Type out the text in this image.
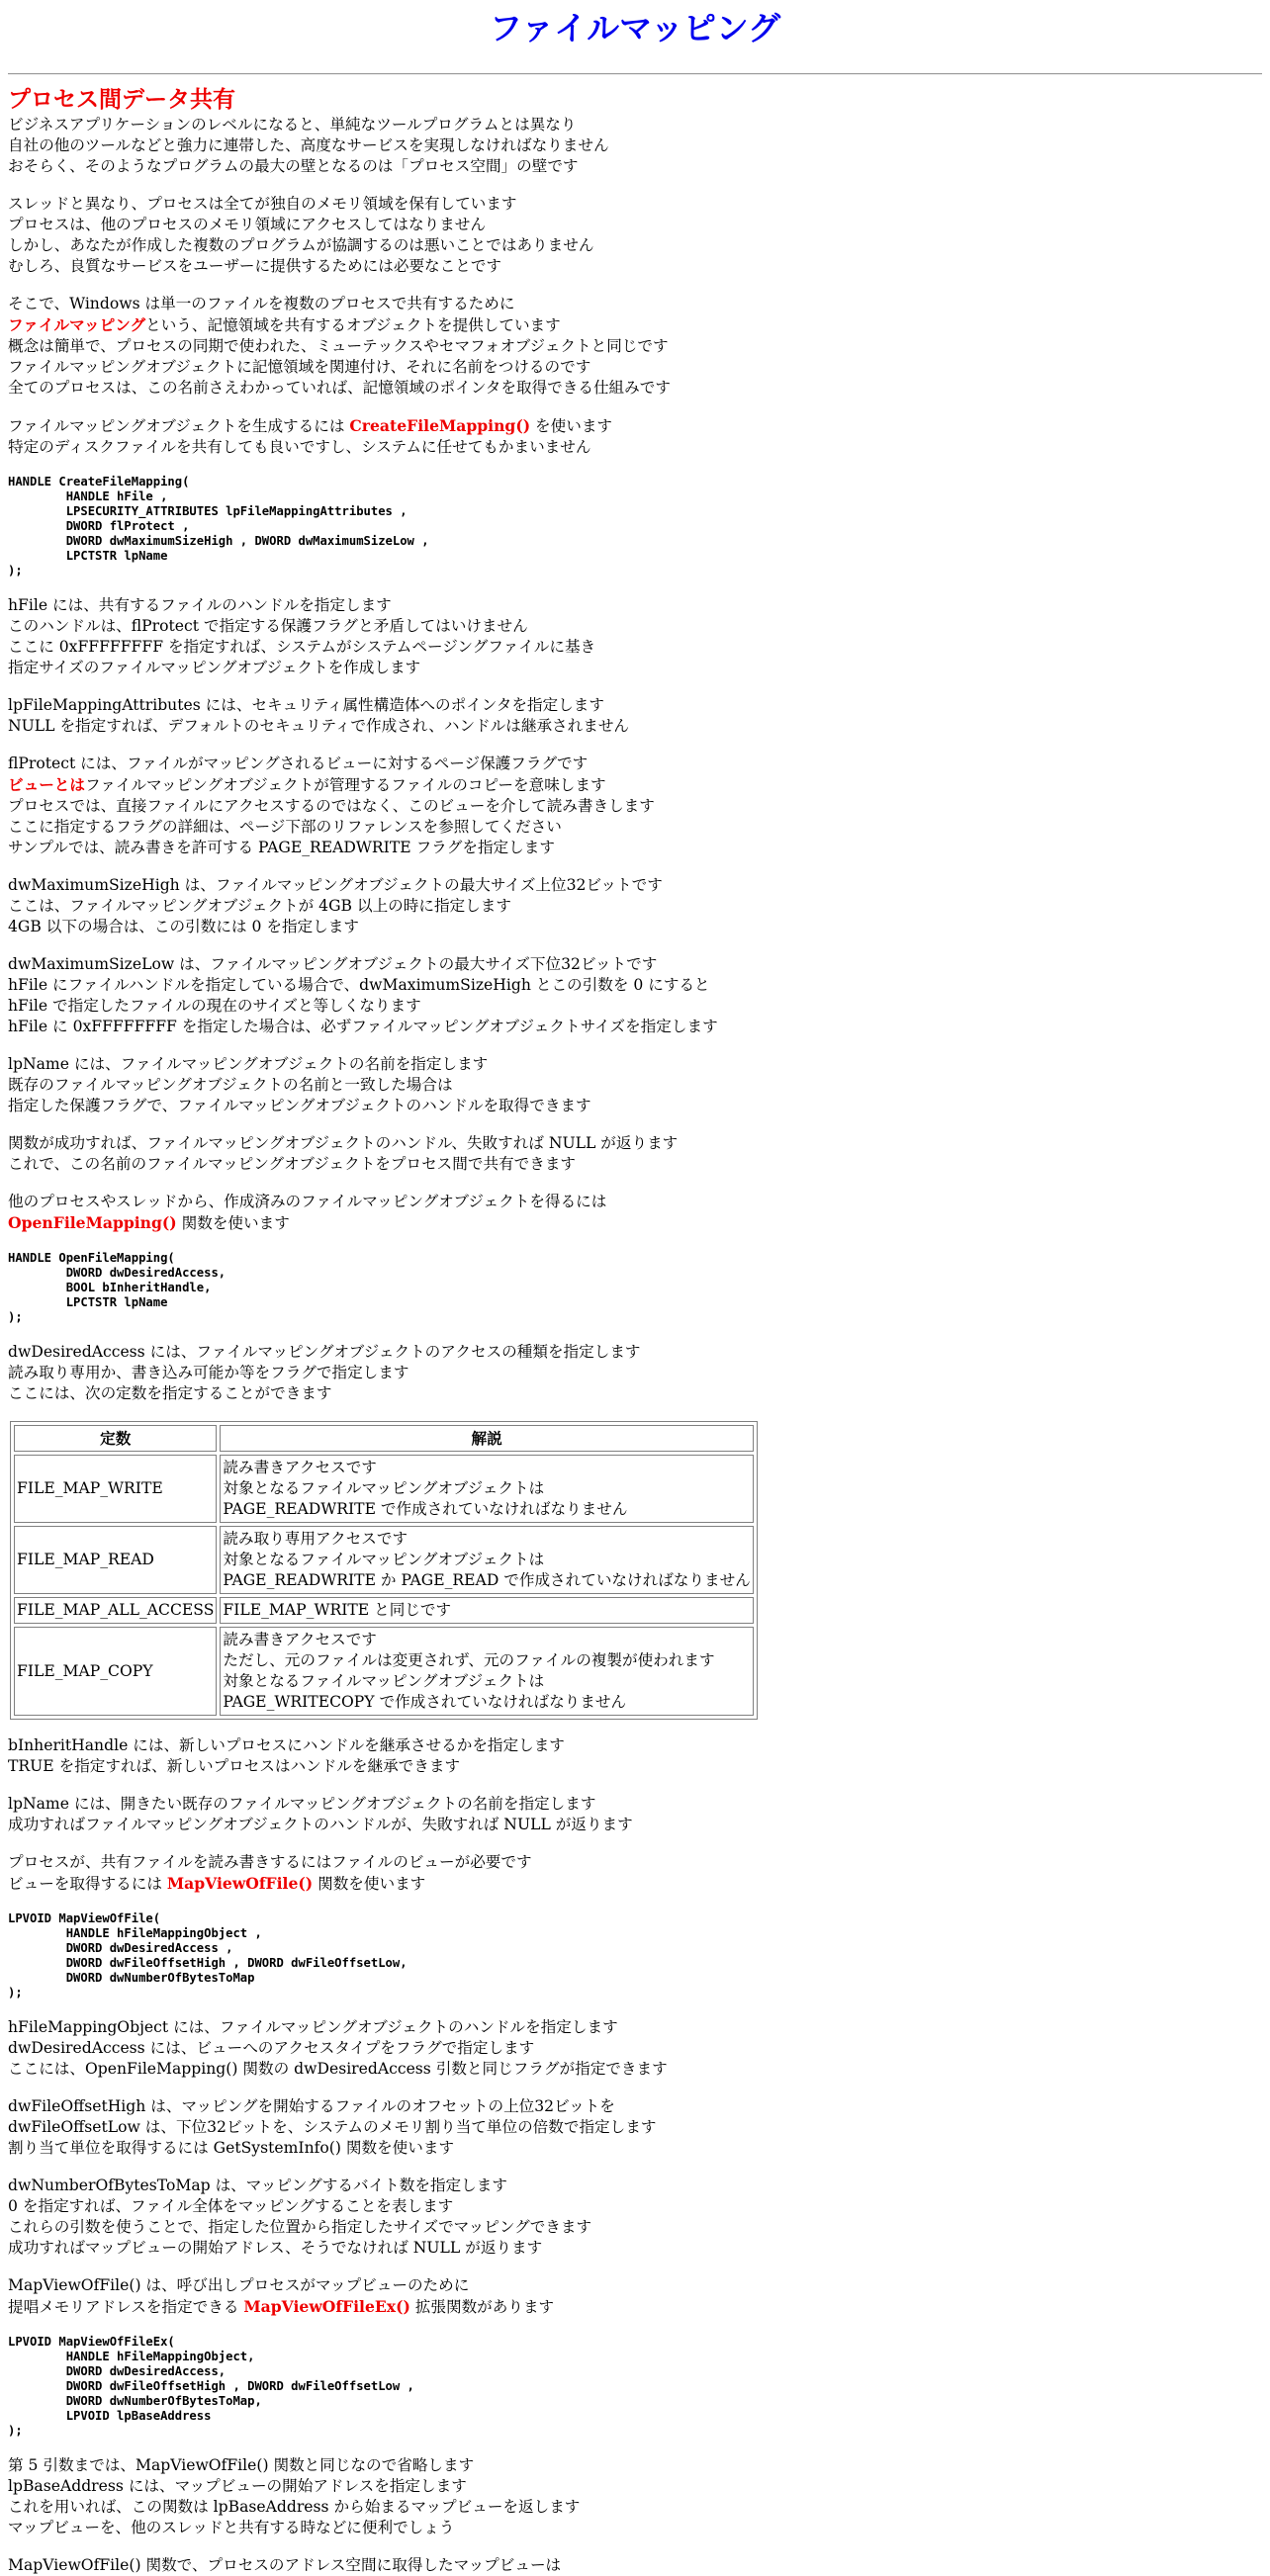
ファイルマッピング
プロセス間データ共有

ビジネスアプリケーションのレベルになると、単純なツールプログラムとは異なり
自社の他のツールなどと強力に連帯した、高度なサービスを実現しなければなりません
おそらく、そのようなプログラムの最大の壁となるのは「プロセス空間」の壁です

スレッドと異なり、プロセスは全てが独自のメモリ領域を保有しています
プロセスは、他のプロセスのメモリ領域にアクセスしてはなりません
しかし、あなたが作成した複数のプログラムが協調するのは悪いことではありません
むしろ、良質なサービスをユーザーに提供するためには必要なことです

そこで、Windows は単一のファイルを複数のプロセスで共有するために
ファイルマッピングという、記憶領域を共有するオブジェクトを提供しています
概念は簡単で、プロセスの同期で使われた、ミューテックスやセマフォオブジェクトと同じです
ファイルマッピングオブジェクトに記憶領域を関連付け、それに名前をつけるのです
全てのプロセスは、この名前さえわかっていれば、記憶領域のポインタを取得できる仕組みです

ファイルマッピングオブジェクトを生成するには CreateFileMapping() を使います
特定のディスクファイルを共有しても良いですし、システムに任せてもかまいません

HANDLE CreateFileMapping(
HANDLE hFile ,
LPSECURITY_ATTRIBUTES lpFileMappingAttributes ,
DWORD flProtect ,
DWORD dwMaximumSizeHigh , DWORD dwMaximumSizeLow ,
LPCTSTR lpName
);

hFile には、共有するファイルのハンドルを指定します
このハンドルは、flProtect で指定する保護フラグと矛盾してはいけません
ここに 0xFFFFFFFF を指定すれば、システムがシステムページングファイルに基き
指定サイズのファイルマッピングオブジェクトを作成します

lpFileMappingAttributes には、セキュリティ属性構造体へのポインタを指定します
NULL を指定すれば、デフォルトのセキュリティで作成され、ハンドルは継承されません

flProtect には、ファイルがマッピングされるビューに対するページ保護フラグです
ビューとはファイルマッピングオブジェクトが管理するファイルのコピーを意味します
プロセスでは、直接ファイルにアクセスするのではなく、このビューを介して読み書きします
ここに指定するフラグの詳細は、ページ下部のリファレンスを参照してください
サンプルでは、読み書きを許可する PAGE_READWRITE フラグを指定します

dwMaximumSizeHigh は、ファイルマッピングオブジェクトの最大サイズ上位32ビットです
ここは、ファイルマッピングオブジェクトが 4GB 以上の時に指定します
4GB 以下の場合は、この引数には 0 を指定します

dwMaximumSizeLow は、ファイルマッピングオブジェクトの最大サイズ下位32ビットです
hFile にファイルハンドルを指定している場合で、dwMaximumSizeHigh とこの引数を 0 にすると
hFile で指定したファイルの現在のサイズと等しくなります
hFile に 0xFFFFFFFF を指定した場合は、必ずファイルマッピングオブジェクトサイズを指定します

lpName には、ファイルマッピングオブジェクトの名前を指定します
既存のファイルマッピングオブジェクトの名前と一致した場合は
指定した保護フラグで、ファイルマッピングオブジェクトのハンドルを取得できます

関数が成功すれば、ファイルマッピングオブジェクトのハンドル、失敗すれば NULL が返ります
これで、この名前のファイルマッピングオブジェクトをプロセス間で共有できます

他のプロセスやスレッドから、作成済みのファイルマッピングオブジェクトを得るには
OpenFileMapping() 関数を使います

HANDLE OpenFileMapping(
DWORD dwDesiredAccess,
BOOL bInheritHandle,
LPCTSTR lpName
);

dwDesiredAccess には、ファイルマッピングオブジェクトのアクセスの種類を指定します
読み取り専用か、書き込み可能か等をフラグで指定します
ここには、次の定数を指定することができます

定数	解説
FILE_MAP_WRITE	読み書きアクセスです
対象となるファイルマッピングオブジェクトは
PAGE_READWRITE で作成されていなければなりません
FILE_MAP_READ	読み取り専用アクセスです
対象となるファイルマッピングオブジェクトは
PAGE_READWRITE か PAGE_READ で作成されていなければなりません
FILE_MAP_ALL_ACCESS	FILE_MAP_WRITE と同じです
FILE_MAP_COPY	読み書きアクセスです
ただし、元のファイルは変更されず、元のファイルの複製が使われます
対象となるファイルマッピングオブジェクトは
PAGE_WRITECOPY で作成されていなければなりません

bInheritHandle には、新しいプロセスにハンドルを継承させるかを指定します
TRUE を指定すれば、新しいプロセスはハンドルを継承できます

lpName には、開きたい既存のファイルマッピングオブジェクトの名前を指定します
成功すればファイルマッピングオブジェクトのハンドルが、失敗すれば NULL が返ります

プロセスが、共有ファイルを読み書きするにはファイルのビューが必要です
ビューを取得するには MapViewOfFile() 関数を使います

LPVOID MapViewOfFile(
HANDLE hFileMappingObject ,
DWORD dwDesiredAccess ,
DWORD dwFileOffsetHigh , DWORD dwFileOffsetLow,
DWORD dwNumberOfBytesToMap
);

hFileMappingObject には、ファイルマッピングオブジェクトのハンドルを指定します
dwDesiredAccess には、ビューへのアクセスタイプをフラグで指定します
ここには、OpenFileMapping() 関数の dwDesiredAccess 引数と同じフラグが指定できます

dwFileOffsetHigh は、マッピングを開始するファイルのオフセットの上位32ビットを
dwFileOffsetLow は、下位32ビットを、システムのメモリ割り当て単位の倍数で指定します
割り当て単位を取得するには GetSystemInfo() 関数を使います

dwNumberOfBytesToMap は、マッピングするバイト数を指定します
0 を指定すれば、ファイル全体をマッピングすることを表します
これらの引数を使うことで、指定した位置から指定したサイズでマッピングできます
成功すればマップビューの開始アドレス、そうでなければ NULL が返ります

MapViewOfFile() は、呼び出しプロセスがマップビューのために
提唱メモリアドレスを指定できる MapViewOfFileEx() 拡張関数があります

LPVOID MapViewOfFileEx(
HANDLE hFileMappingObject,
DWORD dwDesiredAccess,
DWORD dwFileOffsetHigh , DWORD dwFileOffsetLow ,
DWORD dwNumberOfBytesToMap,
LPVOID lpBaseAddress
);

第 5 引数までは、MapViewOfFile() 関数と同じなので省略します
lpBaseAddress には、マップビューの開始アドレスを指定します
これを用いれば、この関数は lpBaseAddress から始まるマップビューを返します
マップビューを、他のスレッドと共有する時などに便利でしょう

MapViewOfFile() 関数で、プロセスのアドレス空間に取得したマップビューは
